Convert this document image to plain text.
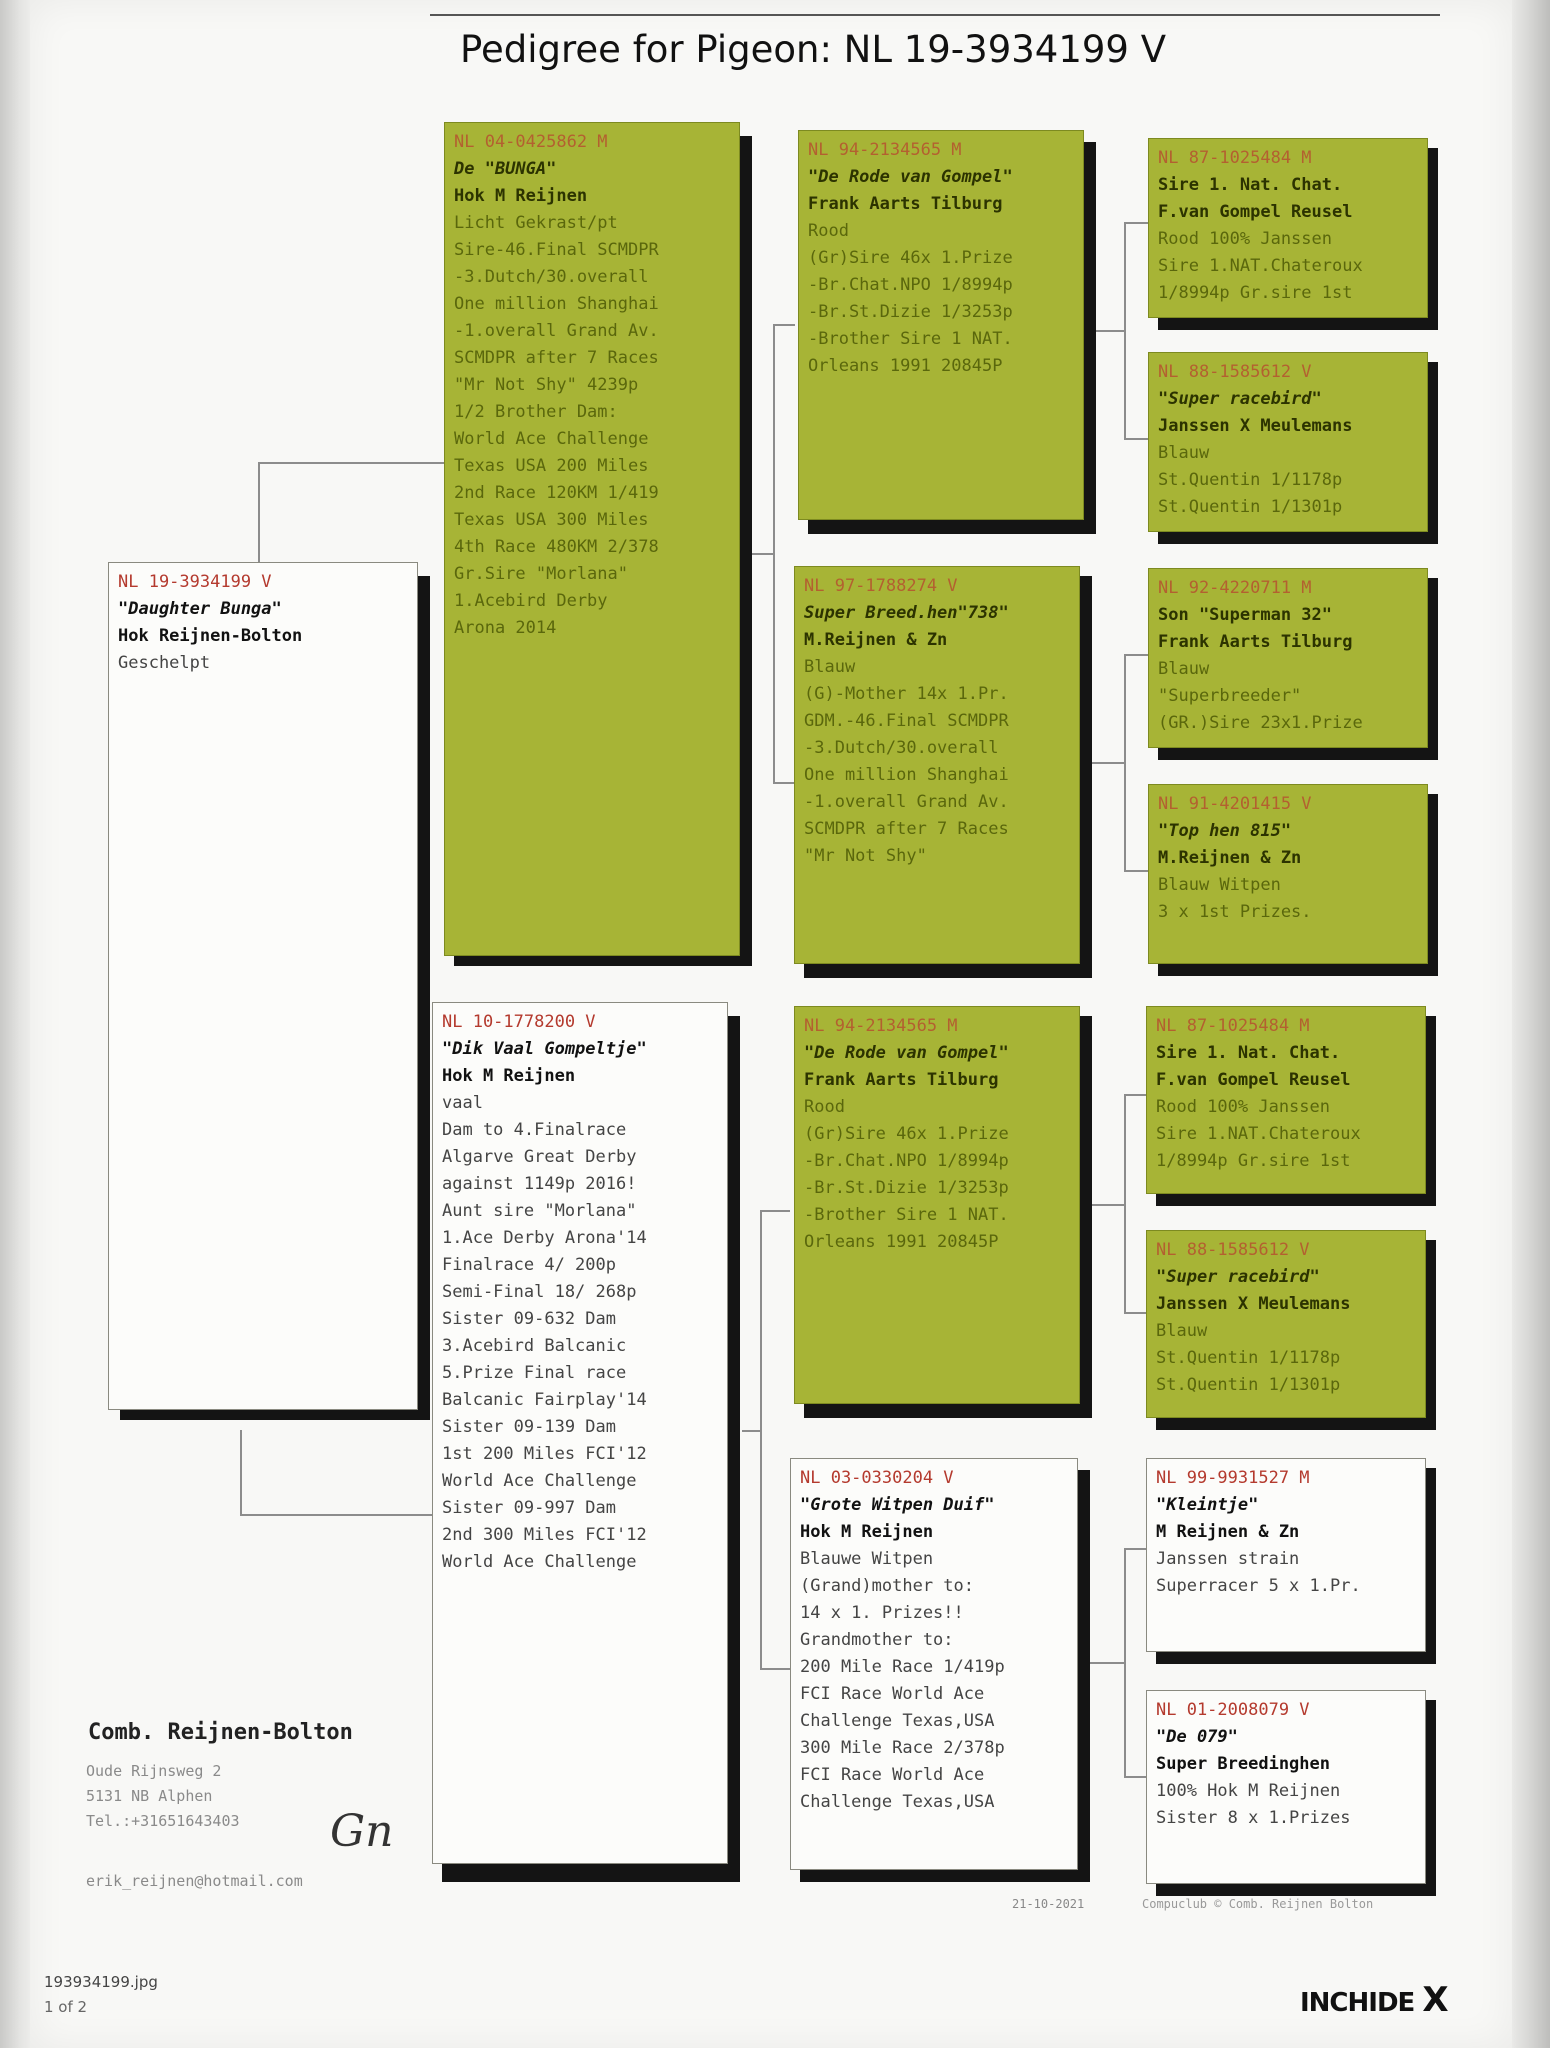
Pedigree for Pigeon: NL 19-3934199 V
NL 19-3934199 V
"Daughter Bunga"
Hok Reijnen-Bolton
Geschelpt
NL 04-0425862 M
De "BUNGA"
Hok M Reijnen
Licht Gekrast/pt
Sire-46.Final SCMDPR
-3.Dutch/30.overall
One million Shanghai
-1.overall Grand Av.
SCMDPR after 7 Races
"Mr Not Shy" 4239p
1/2 Brother Dam:
World Ace Challenge
Texas USA 200 Miles
2nd Race 120KM 1/419
Texas USA 300 Miles
4th Race 480KM 2/378
Gr.Sire "Morlana"
1.Acebird Derby
Arona 2014
NL 10-1778200 V
"Dik Vaal Gompeltje"
Hok M Reijnen
vaal
Dam to 4.Finalrace
Algarve Great Derby
against 1149p 2016!
Aunt sire "Morlana"
1.Ace Derby Arona'14
Finalrace 4/ 200p
Semi-Final 18/ 268p
Sister 09-632 Dam
3.Acebird Balcanic
5.Prize Final race
Balcanic Fairplay'14
Sister 09-139 Dam
1st 200 Miles FCI'12
World Ace Challenge
Sister 09-997 Dam
2nd 300 Miles FCI'12
World Ace Challenge
NL 94-2134565 M
"De Rode van Gompel"
Frank Aarts Tilburg
Rood
(Gr)Sire 46x 1.Prize
-Br.Chat.NPO 1/8994p
-Br.St.Dizie 1/3253p
-Brother Sire 1 NAT.
Orleans 1991 20845P
NL 97-1788274 V
Super Breed.hen"738"
M.Reijnen & Zn
Blauw
(G)-Mother 14x 1.Pr.
GDM.-46.Final SCMDPR
-3.Dutch/30.overall
One million Shanghai
-1.overall Grand Av.
SCMDPR after 7 Races
"Mr Not Shy"
NL 94-2134565 M
"De Rode van Gompel"
Frank Aarts Tilburg
Rood
(Gr)Sire 46x 1.Prize
-Br.Chat.NPO 1/8994p
-Br.St.Dizie 1/3253p
-Brother Sire 1 NAT.
Orleans 1991 20845P
NL 03-0330204 V
"Grote Witpen Duif"
Hok M Reijnen
Blauwe Witpen
(Grand)mother to:
14 x 1. Prizes!!
Grandmother to:
200 Mile Race 1/419p
FCI Race World Ace
Challenge Texas,USA
300 Mile Race 2/378p
FCI Race World Ace
Challenge Texas,USA
NL 87-1025484 M
Sire 1. Nat. Chat.
F.van Gompel Reusel
Rood 100% Janssen
Sire 1.NAT.Chateroux
1/8994p Gr.sire 1st
NL 88-1585612 V
"Super racebird"
Janssen X Meulemans
Blauw
St.Quentin 1/1178p
St.Quentin 1/1301p
NL 92-4220711 M
Son "Superman 32"
Frank Aarts Tilburg
Blauw
"Superbreeder"
(GR.)Sire 23x1.Prize
NL 91-4201415 V
"Top hen 815"
M.Reijnen & Zn
Blauw Witpen
3 x 1st Prizes.
NL 87-1025484 M
Sire 1. Nat. Chat.
F.van Gompel Reusel
Rood 100% Janssen
Sire 1.NAT.Chateroux
1/8994p Gr.sire 1st
NL 88-1585612 V
"Super racebird"
Janssen X Meulemans
Blauw
St.Quentin 1/1178p
St.Quentin 1/1301p
NL 99-9931527 M
"Kleintje"
M Reijnen & Zn
Janssen strain
Superracer 5 x 1.Pr.
NL 01-2008079 V
"De 079"
Super Breedinghen
100% Hok M Reijnen
Sister 8 x 1.Prizes
Comb. Reijnen-Bolton
Oude Rijnsweg 2
5131 NB Alphen
Tel.:+31651643403 Gn
erik_reijnen@hotmail.com
21-10-2021	Compuclub © Comb. Reijnen Bolton
193934199.jpg
1 of 2	INCHIDE X
